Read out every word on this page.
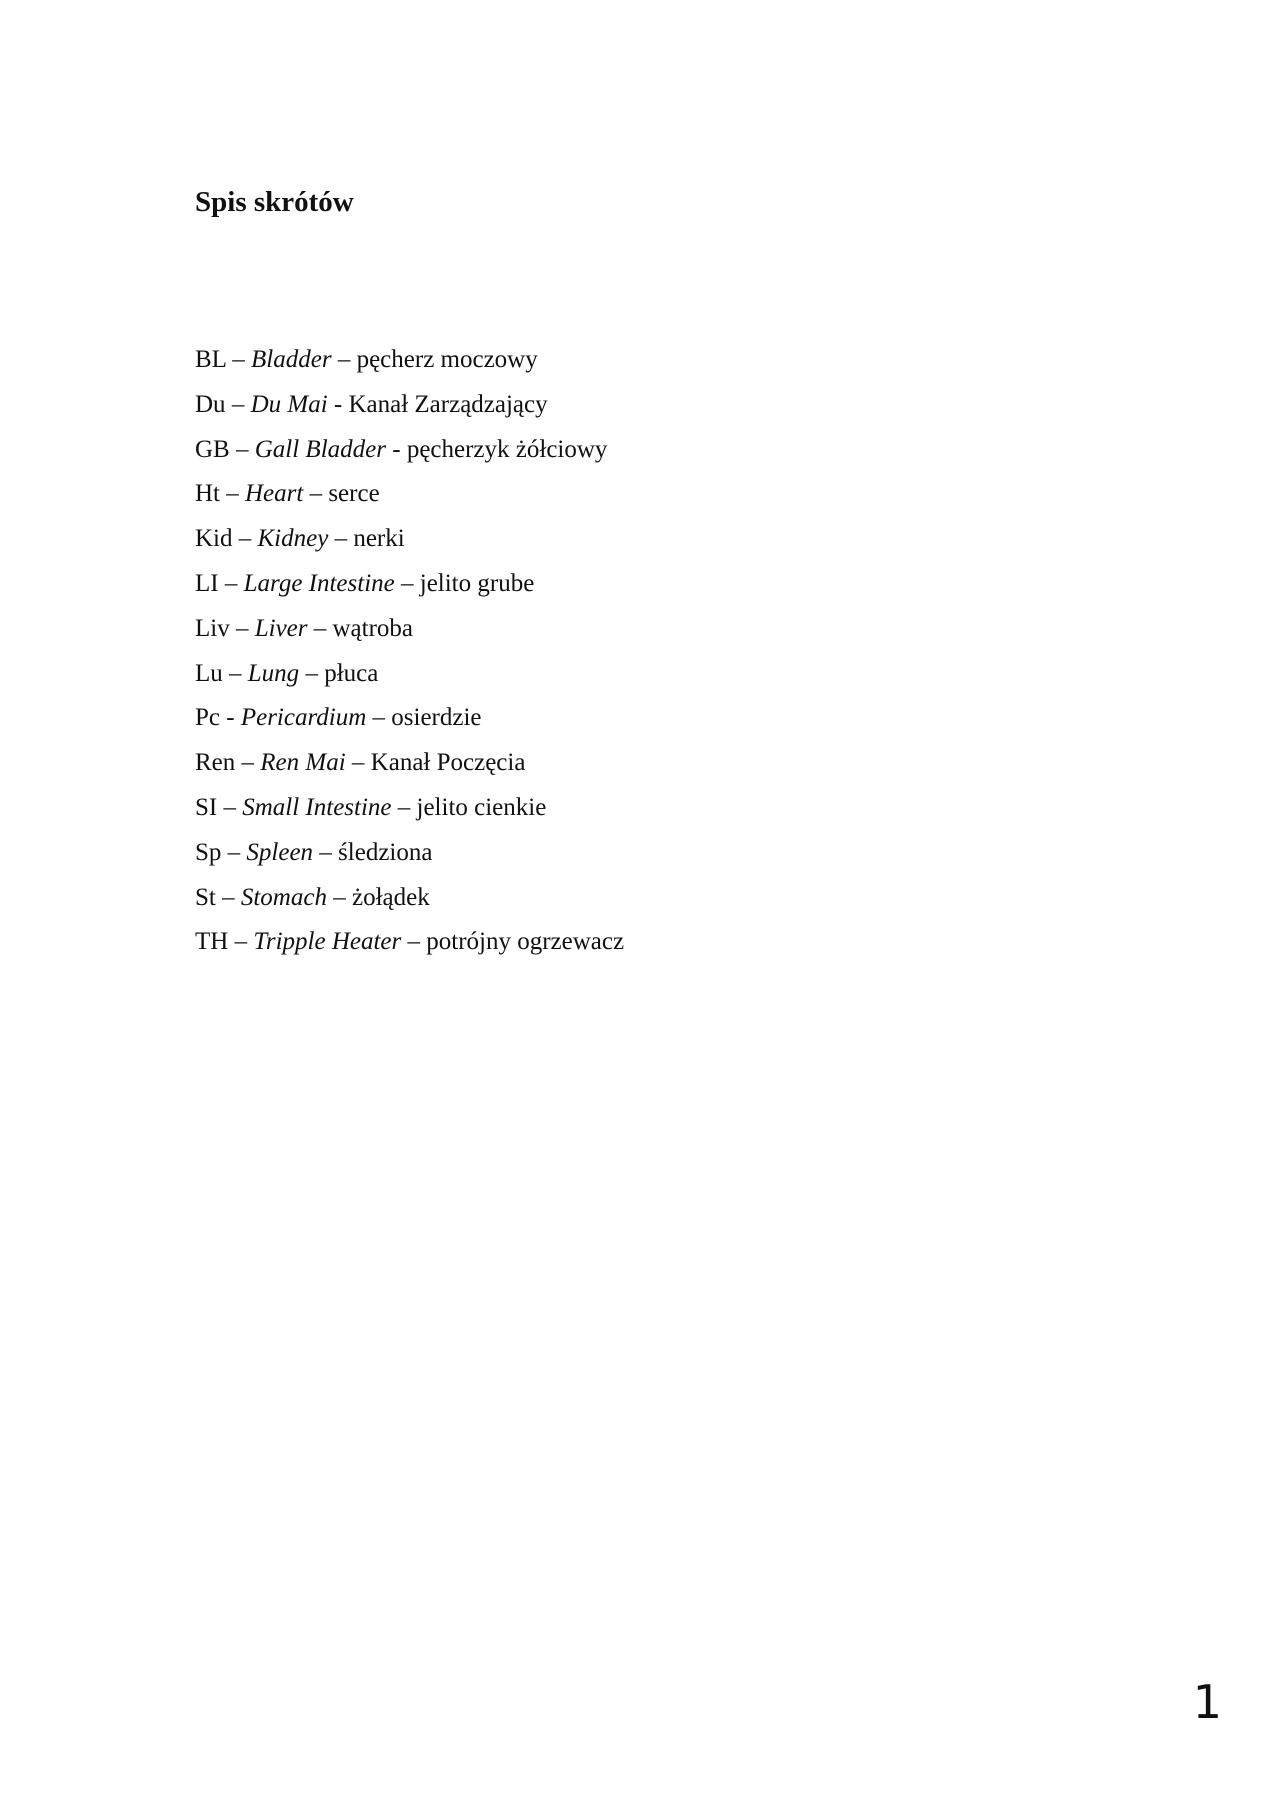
Spis skrótów
BL – Bladder – pęcherz moczowy
Du – Du Mai - Kanał Zarządzający
GB – Gall Bladder - pęcherzyk żółciowy
Ht – Heart – serce
Kid – Kidney – nerki
LI – Large Intestine – jelito grube
Liv – Liver – wątroba
Lu – Lung – płuca
Pc - Pericardium – osierdzie
Ren – Ren Mai – Kanał Poczęcia
SI – Small Intestine – jelito cienkie
Sp – Spleen – śledziona
St – Stomach – żołądek
TH – Tripple Heater – potrójny ogrzewacz
1
